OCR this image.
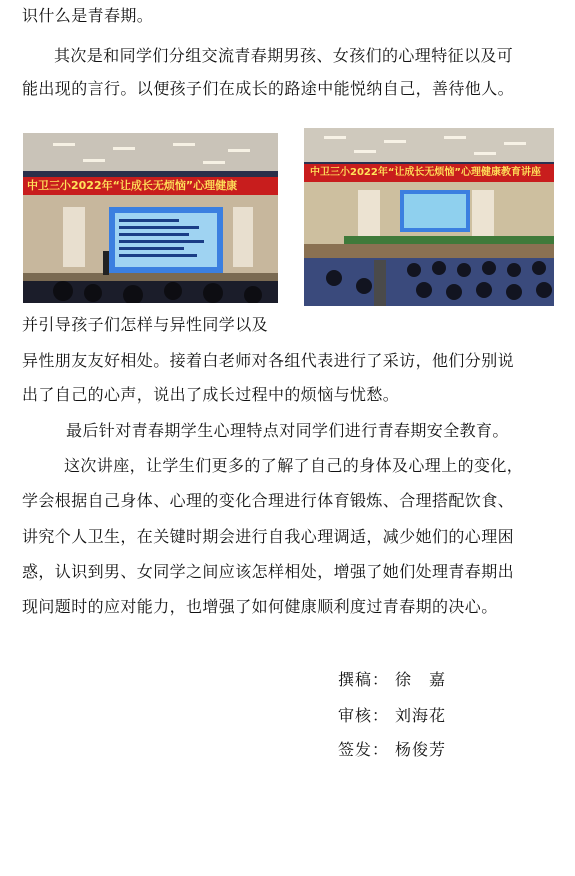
识什么是青春期。
其次是和同学们分组交流青春期男孩、女孩们的心理特征以及可
能出现的言行。以便孩子们在成长的路途中能悦纳自己，善待他人。
中卫三小2022年“让成长无烦恼”心理健康
中卫三小2022年“让成长无烦恼”心理健康教育讲座
并引导孩子们怎样与异性同学以及
异性朋友友好相处。接着白老师对各组代表进行了采访，他们分别说
出了自己的心声，说出了成长过程中的烦恼与忧愁。
最后针对青春期学生心理特点对同学们进行青春期安全教育。
这次讲座，让学生们更多的了解了自己的身体及心理上的变化，
学会根据自己身体、心理的变化合理进行体育锻炼、合理搭配饮食、
讲究个人卫生，在关键时期会进行自我心理调适，减少她们的心理困
惑，认识到男、女同学之间应该怎样相处，增强了她们处理青春期出
现问题时的应对能力，也增强了如何健康顺利度过青春期的决心。
撰稿： 徐　嘉
审核： 刘海花
签发： 杨俊芳
